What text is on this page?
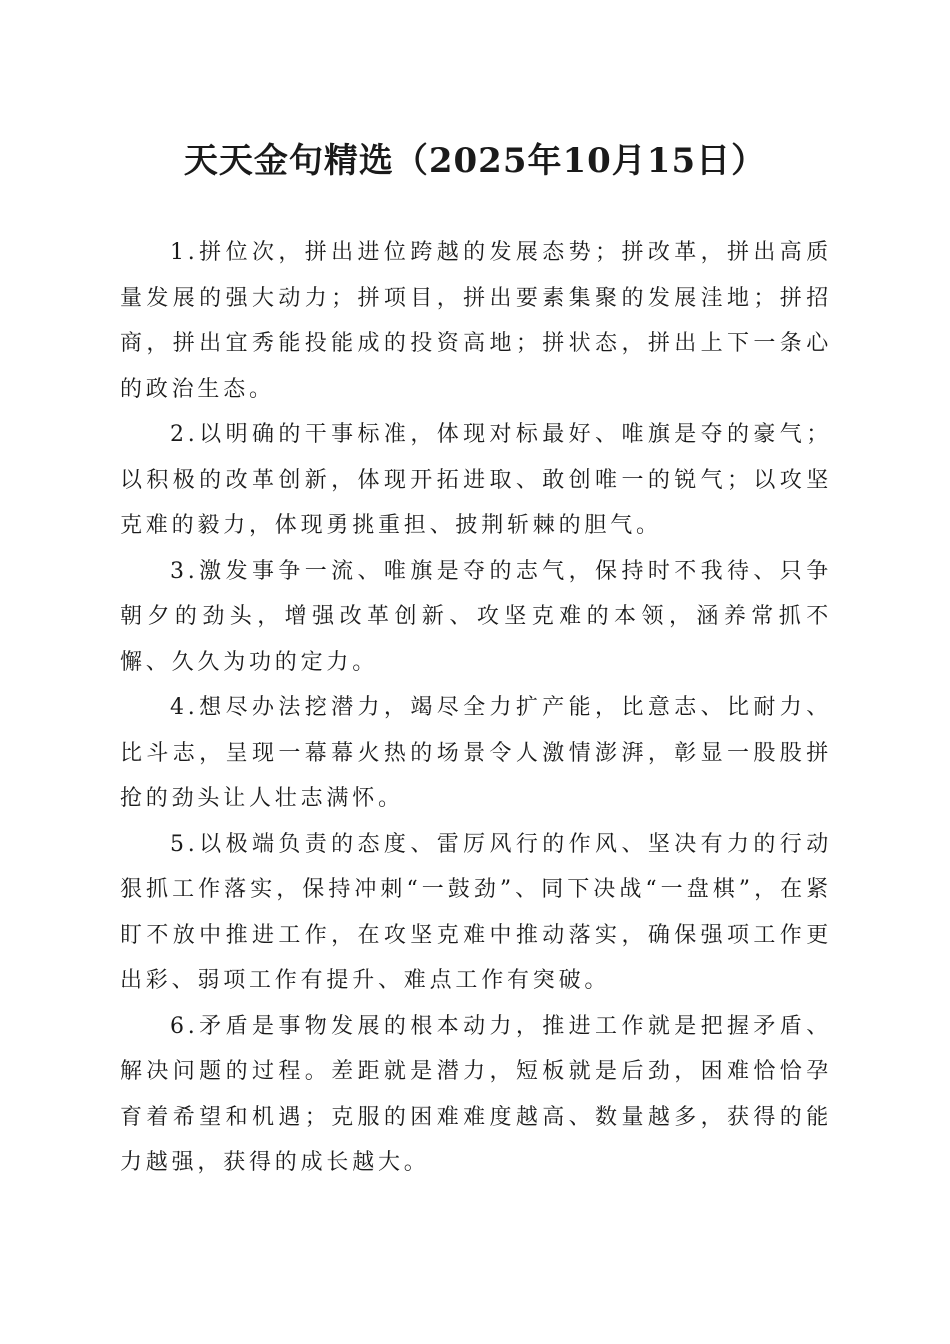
天天金句精选（2025年10月15日）

1.拼位次，拼出进位跨越的发展态势；拼改革，拼出高质量发展的强大动力；拼项目，拼出要素集聚的发展洼地；拼招商，拼出宜秀能投能成的投资高地；拼状态，拼出上下一条心的政治生态。

2.以明确的干事标准，体现对标最好、唯旗是夺的豪气；以积极的改革创新，体现开拓进取、敢创唯一的锐气；以攻坚克难的毅力，体现勇挑重担、披荆斩棘的胆气。

3.激发事争一流、唯旗是夺的志气，保持时不我待、只争朝夕的劲头，增强改革创新、攻坚克难的本领，涵养常抓不懈、久久为功的定力。

4.想尽办法挖潜力，竭尽全力扩产能，比意志、比耐力、比斗志，呈现一幕幕火热的场景令人激情澎湃，彰显一股股拼抢的劲头让人壮志满怀。

5.以极端负责的态度、雷厉风行的作风、坚决有力的行动狠抓工作落实，保持冲刺“一鼓劲”、同下决战“一盘棋”，在紧盯不放中推进工作，在攻坚克难中推动落实，确保强项工作更出彩、弱项工作有提升、难点工作有突破。

6.矛盾是事物发展的根本动力，推进工作就是把握矛盾、解决问题的过程。差距就是潜力，短板就是后劲，困难恰恰孕育着希望和机遇；克服的困难难度越高、数量越多，获得的能力越强，获得的成长越大。
